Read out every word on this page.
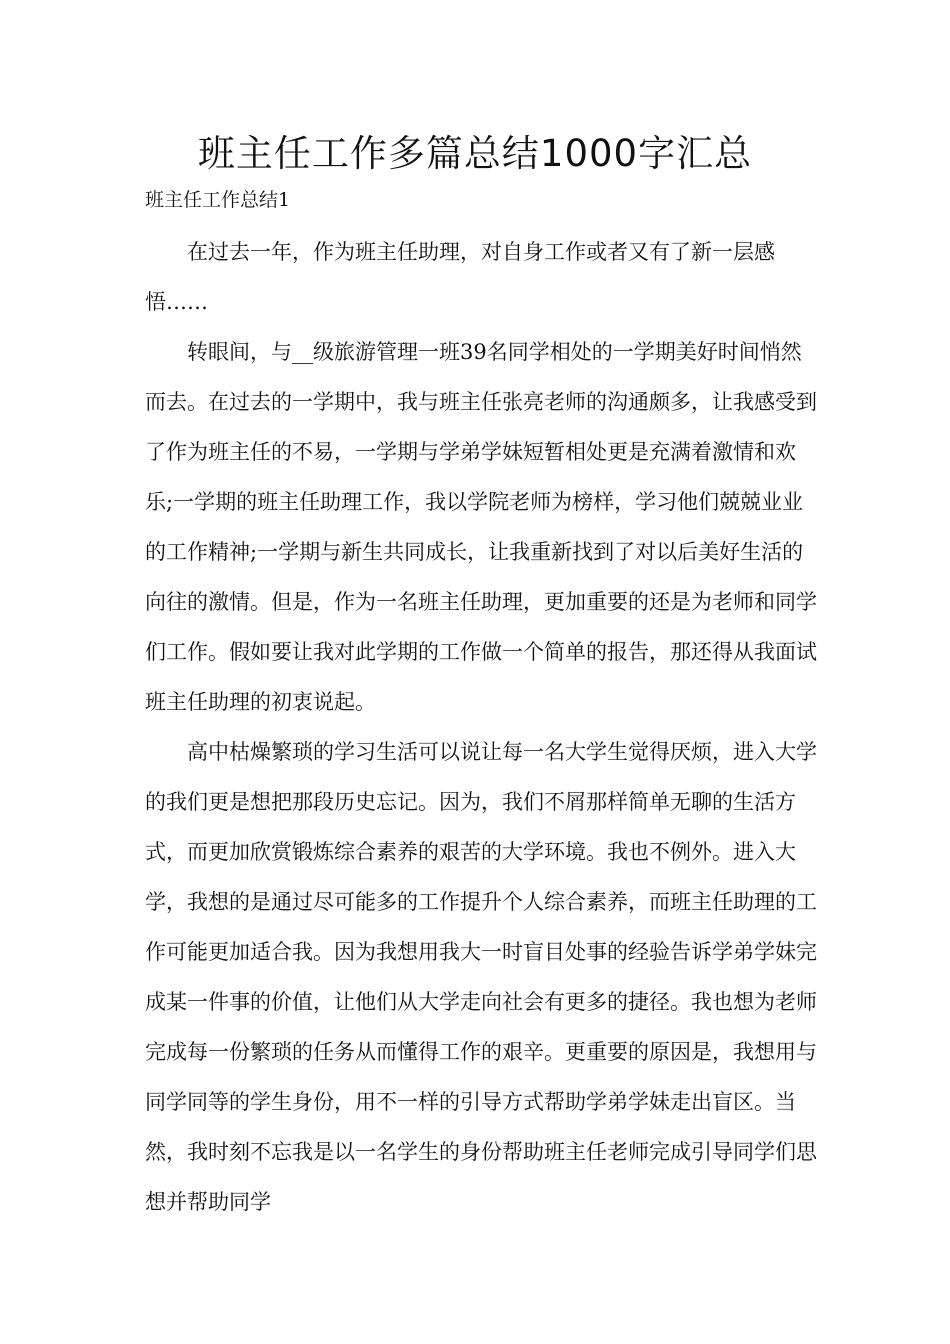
班主任工作多篇总结1000字汇总

班主任工作总结1

在过去一年，作为班主任助理，对自身工作或者又有了新一层感悟……

转眼间，与__级旅游管理一班39名同学相处的一学期美好时间悄然而去。在过去的一学期中，我与班主任张亮老师的沟通颇多，让我感受到了作为班主任的不易，一学期与学弟学妹短暂相处更是充满着激情和欢乐;一学期的班主任助理工作，我以学院老师为榜样，学习他们兢兢业业的工作精神;一学期与新生共同成长，让我重新找到了对以后美好生活的向往的激情。但是，作为一名班主任助理，更加重要的还是为老师和同学们工作。假如要让我对此学期的工作做一个简单的报告，那还得从我面试班主任助理的初衷说起。

高中枯燥繁琐的学习生活可以说让每一名大学生觉得厌烦，进入大学的我们更是想把那段历史忘记。因为，我们不屑那样简单无聊的生活方式，而更加欣赏锻炼综合素养的艰苦的大学环境。我也不例外。进入大学，我想的是通过尽可能多的工作提升个人综合素养，而班主任助理的工作可能更加适合我。因为我想用我大一时盲目处事的经验告诉学弟学妹完成某一件事的价值，让他们从大学走向社会有更多的捷径。我也想为老师完成每一份繁琐的任务从而懂得工作的艰辛。更重要的原因是，我想用与同学同等的学生身份，用不一样的引导方式帮助学弟学妹走出盲区。当然，我时刻不忘我是以一名学生的身份帮助班主任老师完成引导同学们思想并帮助同学
